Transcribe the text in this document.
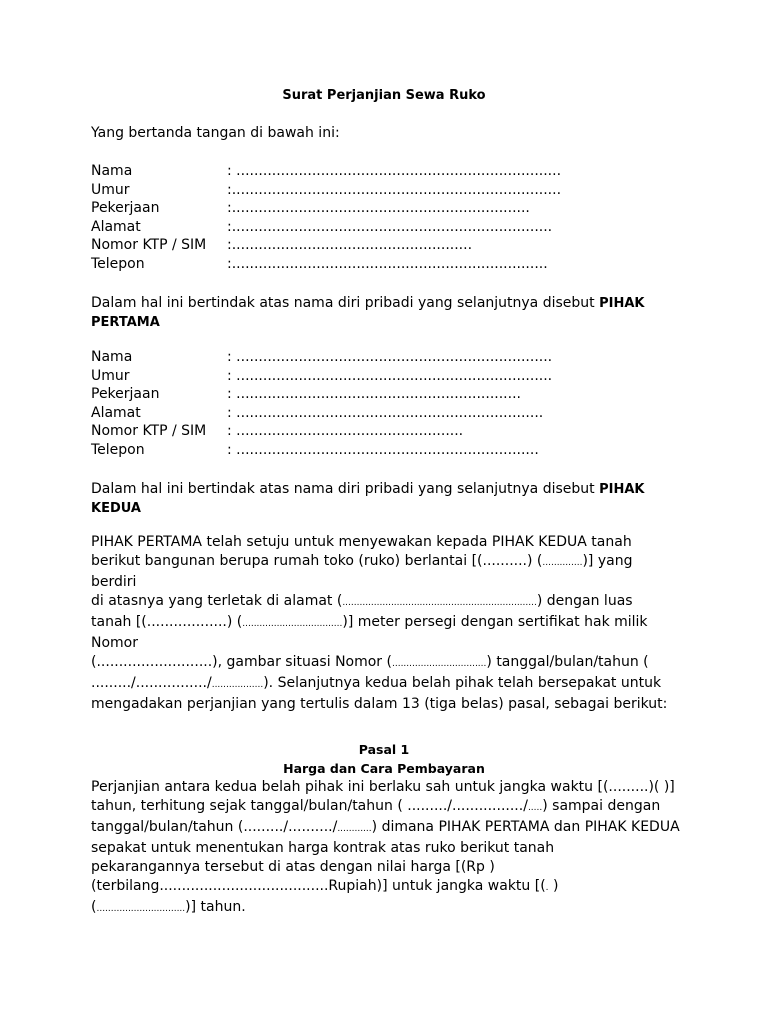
Surat Perjanjian Sewa Ruko
Yang bertanda tangan di bawah ini:
Nama	: .........................................................................
Umur	:..........................................................................
Pekerjaan	:...................................................................
Alamat	:........................................................................
Nomor KTP / SIM :......................................................
Telepon	:.......................................................................

Dalam hal ini bertindak atas nama diri pribadi yang selanjutnya disebut PIHAK

PERTAMA

Nama	: .......................................................................
Umur	: .......................................................................
Pekerjaan	: ................................................................
Alamat	: .....................................................................
Nomor KTP / SIM : ...................................................
Telepon	: ....................................................................

Dalam hal ini bertindak atas nama diri pribadi yang selanjutnya disebut PIHAK

KEDUA

PIHAK PERTAMA telah setuju untuk menyewakan kepada PIHAK KEDUA tanah

berikut bangunan berupa rumah toko (ruko) berlantai [(..........) (..............)] yang

berdiri

di atasnya yang terletak di alamat (....................................................................) dengan luas

tanah [(..................) (...................................)] meter persegi dengan sertifikat hak milik

Nomor

(..........................), gambar situasi Nomor (.................................) tanggal/bulan/tahun (

........./................/..................). Selanjutnya kedua belah pihak telah bersepakat untuk

mengadakan perjanjian yang tertulis dalam 13 (tiga belas) pasal, sebagai berikut:

Pasal 1
Harga dan Cara Pembayaran

Perjanjian antara kedua belah pihak ini berlaku sah untuk jangka waktu [(.........)( )]

tahun, terhitung sejak tanggal/bulan/tahun ( ........./................/.....) sampai dengan

tanggal/bulan/tahun (........./........../............) dimana PIHAK PERTAMA dan PIHAK KEDUA

sepakat untuk menentukan harga kontrak atas ruko berikut tanah

pekarangannya tersebut di atas dengan nilai harga [(Rp )

(terbilang......................................Rupiah)] untuk jangka waktu [(. )

(...............................)] tahun.
